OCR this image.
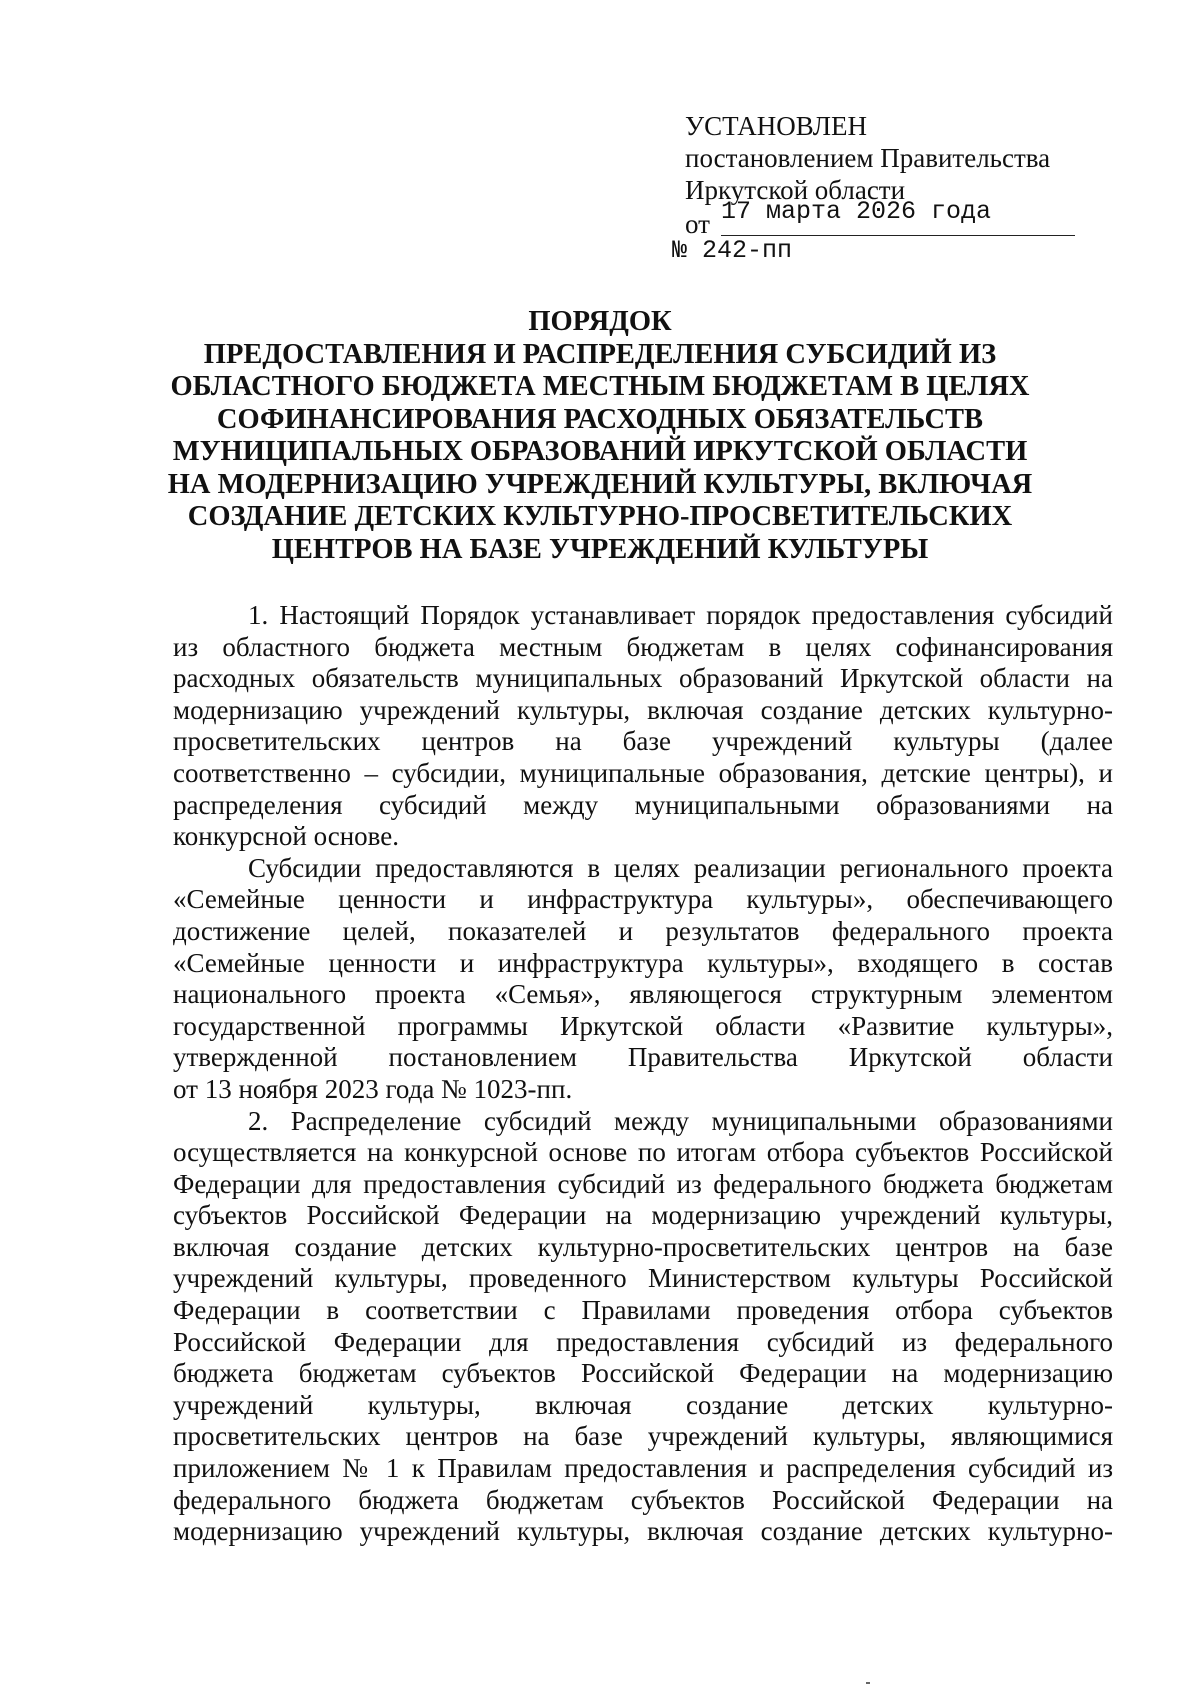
УСТАНОВЛЕН
постановлением Правительства
Иркутской области
от 17 марта 2026 года
№ 242-пп
ПОРЯДОК
ПРЕДОСТАВЛЕНИЯ И РАСПРЕДЕЛЕНИЯ СУБСИДИЙ ИЗ
ОБЛАСТНОГО БЮДЖЕТА МЕСТНЫМ БЮДЖЕТАМ В ЦЕЛЯХ
СОФИНАНСИРОВАНИЯ РАСХОДНЫХ ОБЯЗАТЕЛЬСТВ
МУНИЦИПАЛЬНЫХ ОБРАЗОВАНИЙ ИРКУТСКОЙ ОБЛАСТИ
НА МОДЕРНИЗАЦИЮ УЧРЕЖДЕНИЙ КУЛЬТУРЫ, ВКЛЮЧАЯ
СОЗДАНИЕ ДЕТСКИХ КУЛЬТУРНО-ПРОСВЕТИТЕЛЬСКИХ
ЦЕНТРОВ НА БАЗЕ УЧРЕЖДЕНИЙ КУЛЬТУРЫ

1. Настоящий Порядок устанавливает порядок предоставления субсидий
из областного бюджета местным бюджетам в целях софинансирования
расходных обязательств муниципальных образований Иркутской области на
модернизацию учреждений культуры, включая создание детских культурно-
просветительских центров на базе учреждений культуры (далее
соответственно – субсидии, муниципальные образования, детские центры), и
распределения субсидий между муниципальными образованиями на
конкурсной основе.

Субсидии предоставляются в целях реализации регионального проекта
«Семейные ценности и инфраструктура культуры», обеспечивающего
достижение целей, показателей и результатов федерального проекта
«Семейные ценности и инфраструктура культуры», входящего в состав
национального проекта «Семья», являющегося структурным элементом
государственной программы Иркутской области «Развитие культуры»,
утвержденной постановлением Правительства Иркутской области
от 13 ноября 2023 года № 1023-пп.

2. Распределение субсидий между муниципальными образованиями
осуществляется на конкурсной основе по итогам отбора субъектов Российской
Федерации для предоставления субсидий из федерального бюджета бюджетам
субъектов Российской Федерации на модернизацию учреждений культуры,
включая создание детских культурно-просветительских центров на базе
учреждений культуры, проведенного Министерством культуры Российской
Федерации в соответствии с Правилами проведения отбора субъектов
Российской Федерации для предоставления субсидий из федерального
бюджета бюджетам субъектов Российской Федерации на модернизацию
учреждений культуры, включая создание детских культурно-
просветительских центров на базе учреждений культуры, являющимися
приложением № 1 к Правилам предоставления и распределения субсидий из
федерального бюджета бюджетам субъектов Российской Федерации на
модернизацию учреждений культуры, включая создание детских культурно-
